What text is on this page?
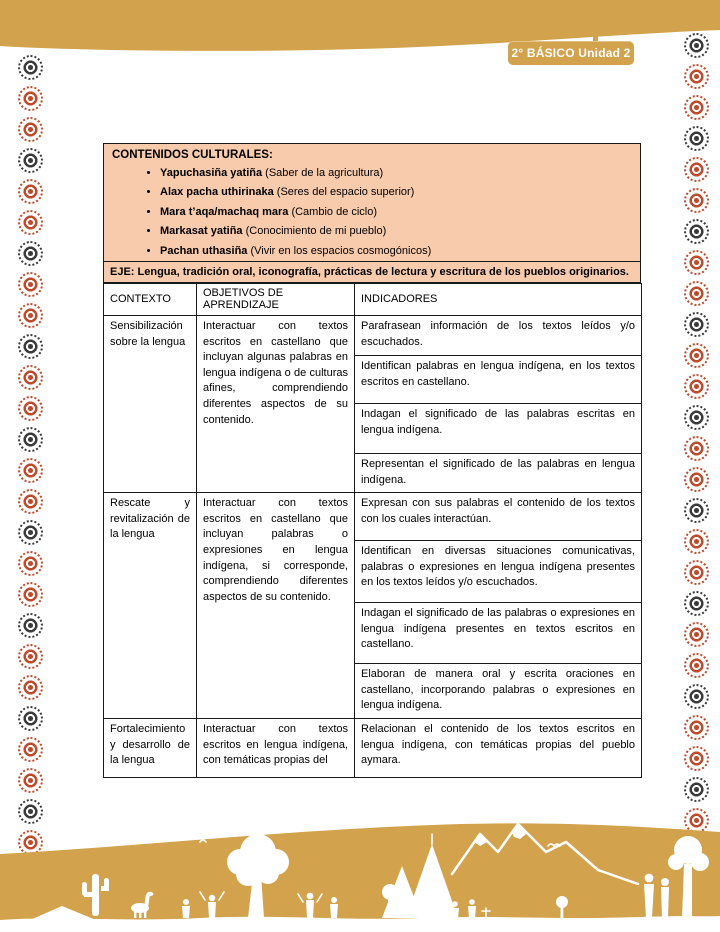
2° BÁSICO Unidad 2

CONTENIDOS CULTURALES:

• Yapuchasiña yatiña (Saber de la agricultura)
• Alax pacha uthirinaka (Seres del espacio superior)
• Mara t’aqa/machaq mara (Cambio de ciclo)
• Markasat yatiña (Conocimiento de mi pueblo)
• Pachan uthasiña (Vivir en los espacios cosmogónicos)
EJE: Lengua, tradición oral, iconografía, prácticas de lectura y escritura de los pueblos originarios.
CONTEXTO	OBJETIVOS DE APRENDIZAJE	INDICADORES
Sensibilización sobre la lengua	Interactuar con textos escritos en castellano que incluyan algunas palabras en lengua indígena o de culturas afines, comprendiendo diferentes aspectos de su contenido.	Parafrasean información de los textos leídos y/o escuchados.
		Identifican palabras en lengua indígena, en los textos escritos en castellano.
		Indagan el significado de las palabras escritas en lengua indígena.
		Representan el significado de las palabras en lengua indígena.
Rescate y revitalización de la lengua	Interactuar con textos escritos en castellano que incluyan palabras o expresiones en lengua indígena, si corresponde, comprendiendo diferentes aspectos de su contenido.	Expresan con sus palabras el contenido de los textos con los cuales interactúan.
		Identifican en diversas situaciones comunicativas, palabras o expresiones en lengua indígena presentes en los textos leídos y/o escuchados.
		Indagan el significado de las palabras o expresiones en lengua indígena presentes en textos escritos en castellano.
		Elaboran de manera oral y escrita oraciones en castellano, incorporando palabras o expresiones en lengua indígena.
Fortalecimiento y desarrollo de la lengua	Interactuar con textos escritos en lengua indígena, con temáticas propias del	Relacionan el contenido de los textos escritos en lengua indígena, con temáticas propias del pueblo aymara.
